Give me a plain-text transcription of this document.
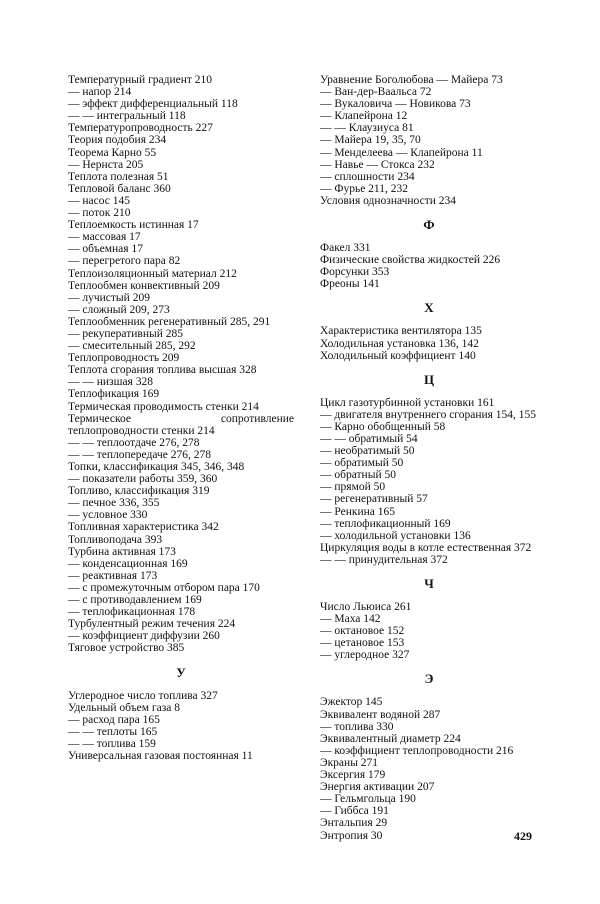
Температурный градиент 210
— напор 214
— эффект дифференциальный 118
— — интегральный 118
Температуропроводность 227
Теория подобия 234
Теорема Карно 55
— Нернста 205
Теплота полезная 51
Тепловой баланс 360
— насос 145
— поток 210
Теплоемкость истинная 17
— массовая 17
— объемная 17
— перегретого пара 82
Теплоизоляционный материал 212
Теплообмен конвективный 209
— лучистый 209
— сложный 209, 273
Теплообменник регенеративный 285, 291
— рекуперативный 285
— смесительный 285, 292
Теплопроводность 209
Теплота сгорания топлива высшая 328
— — низшая 328
Теплофикация 169
Термическая проводимость стенки 214
Термическое сопротивление теплопроводности стенки 214
— — теплоотдаче 276, 278
— — теплопередаче 276, 278
Топки, классификация 345, 346, 348
— показатели работы 359, 360
Топливо, классификация 319
— печное 336, 355
— условное 330
Топливная характеристика 342
Топливоподача 393
Турбина активная 173
— конденсационная 169
— реактивная 173
— с промежуточным отбором пара 170
— с противодавлением 169
— теплофикационная 178
Турбулентный режим течения 224
— коэффициент диффузии 260
Тяговое устройство 385
У
Углеродное число топлива 327
Удельный объем газа 8
— расход пара 165
— — теплоты 165
— — топлива 159
Универсальная газовая постоянная 11
Уравнение Боголюбова — Майера 73
— Ван-дер-Ваальса 72
— Вукаловича — Новикова 73
— Клапейрона 12
— — Клаузиуса 81
— Майера 19, 35, 70
— Менделеева — Клапейрона 11
— Навье — Стокса 232
— сплошности 234
— Фурье 211, 232
Условия однозначности 234
Ф
Факел 331
Физические свойства жидкостей 226
Форсунки 353
Фреоны 141
Х
Характеристика вентилятора 135
Холодильная установка 136, 142
Холодильный коэффициент 140
Ц
Цикл газотурбинной установки 161
— двигателя внутреннего сгорания 154, 155
— Карно обобщенный 58
— — обратимый 54
— необратимый 50
— обратимый 50
— обратный 50
— прямой 50
— регенеративный 57
— Ренкина 165
— теплофикационный 169
— холодильной установки 136
Циркуляция воды в котле естественная 372
— — принудительная 372
Ч
Число Льюиса 261
— Маха 142
— октановое 152
— цетановое 153
— углеродное 327
Э
Эжектор 145
Эквивалент водяной 287
— топлива 330
Эквивалентный диаметр 224
— коэффициент теплопроводности 216
Экраны 271
Эксергия 179
Энергия активации 207
— Гельмгольца 190
— Гиббса 191
Энтальпия 29
Энтропия 30	429
